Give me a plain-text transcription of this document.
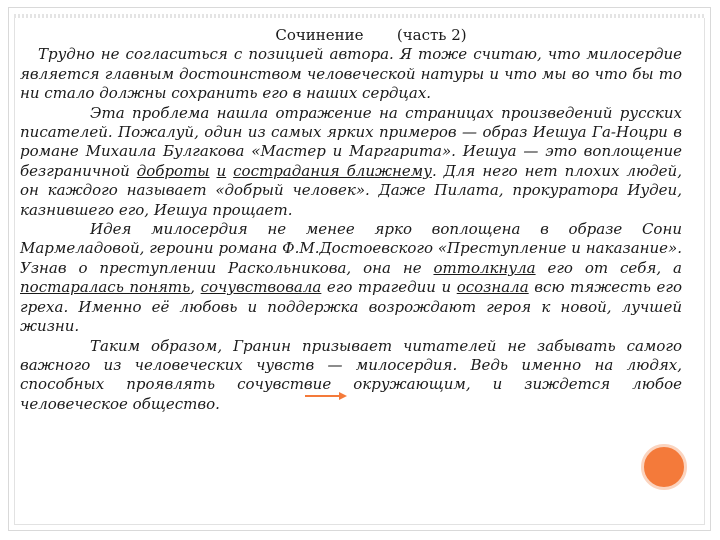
Сочинение       (часть 2)

Трудно не согласиться с позицией автора. Я тоже считаю, что милосердие является главным достоинством человеческой натуры и что мы во что бы то ни стало должны сохранить его в наших сердцах.

Эта проблема нашла отражение на страницах произведений русских писателей. Пожалуй, один из самых ярких примеров — образ Иешуа Га-Ноцри в романе Михаила Булгакова «Мастер и Маргарита». Иешуа — это воплощение безграничной доброты и сострадания ближнему. Для него нет плохих людей, он каждого называет «добрый человек». Даже Пилата, прокуратора Иудеи, казнившего его, Иешуа прощает.

Идея милосердия не менее ярко воплощена в образе Сони Мармеладовой, героини романа Ф.М.Достоевского «Преступление и наказание». Узнав о преступлении Раскольникова, она не оттолкнула его от себя, а постаралась понять, сочувствовала его трагедии и осознала всю тяжесть его греха. Именно её любовь и поддержка возрождают героя к новой, лучшей жизни.

Таким образом, Гранин призывает читателей не забывать самого важного из человеческих чувств — милосердия. Ведь именно на людях, способных проявлять сочувствие окружающим, и зиждется любое человеческое общество.
